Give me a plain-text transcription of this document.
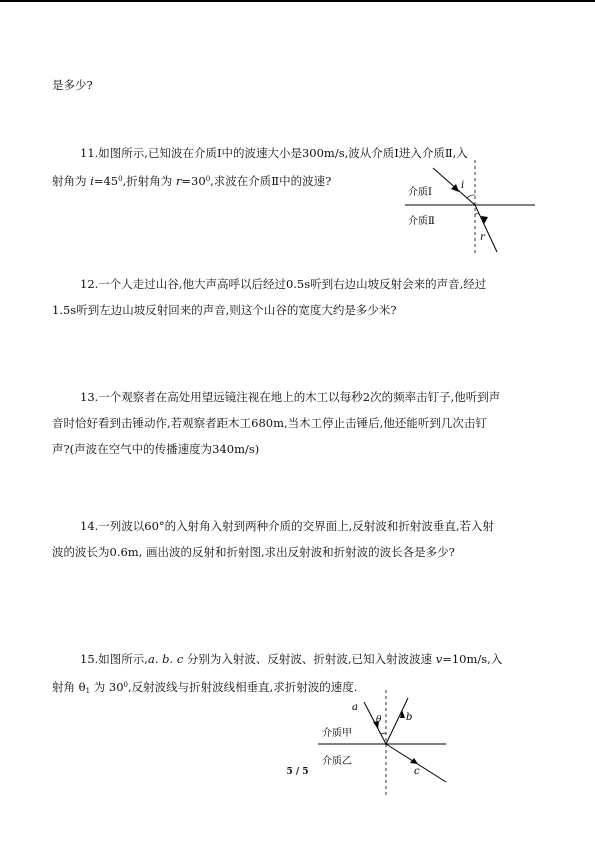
是多少?
11.如图所示,已知波在介质Ⅰ中的波速大小是300m/s,波从介质Ⅰ进入介质Ⅱ,入
射角为 $i=45^0$,折射角为 $r=30^0$,求波在介质Ⅱ中的波速?
介质Ⅰ
介质Ⅱ
i
r
12.一个人走过山谷,他大声高呼以后经过0.5s听到右边山坡反射会来的声音,经过
1.5s听到左边山坡反射回来的声音,则这个山谷的宽度大约是多少米?
13.一个观察者在高处用望远镜注视在地上的木工以每秒2次的频率击钉子,他听到声
音时恰好看到击锤动作,若观察者距木工680m,当木工停止击锤后,他还能听到几次击钉
声?(声波在空气中的传播速度为340m/s)
14.一列波以60°的入射角入射到两种介质的交界面上,反射波和折射波垂直,若入射
波的波长为0.6m, 画出波的反射和折射图,求出反射波和折射波的波长各是多少?
15.如图所示,a. b. c 分别为入射波、反射波、折射波,已知入射波波速 v=10m/s,入
射角 $\theta_1$ 为 $30^0$,反射波线与折射波线相垂直,求折射波的速度.
介质甲
介质乙
a
b
c
θ
5 / 5
